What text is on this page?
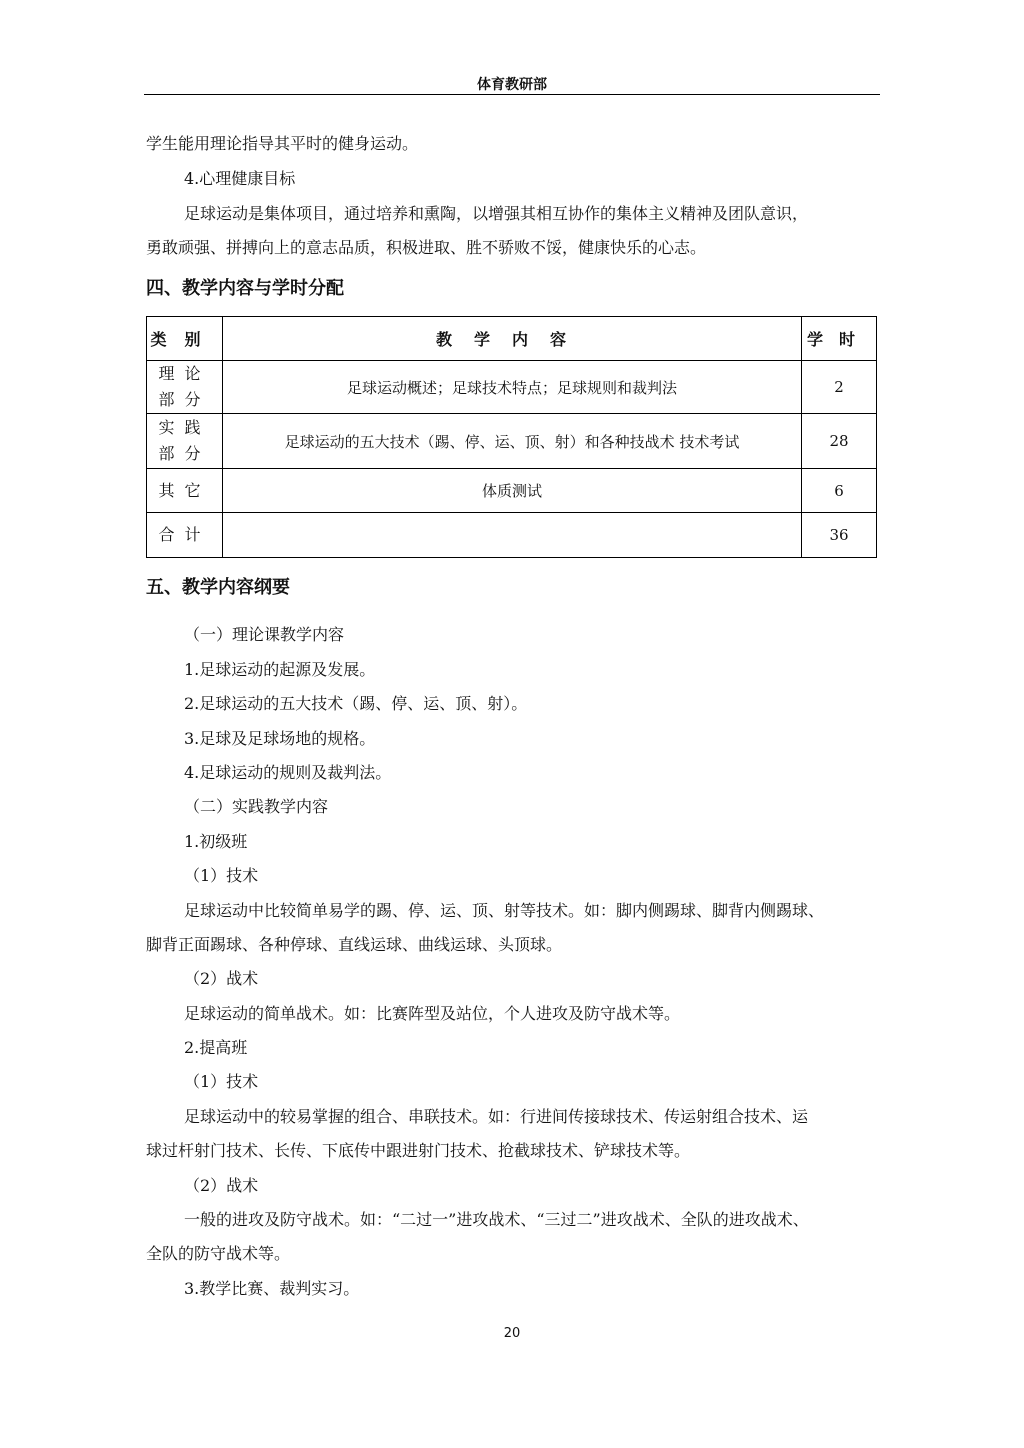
体育教研部
学生能用理论指导其平时的健身运动。
4.心理健康目标
足球运动是集体项目，通过培养和熏陶，以增强其相互协作的集体主义精神及团队意识，
勇敢顽强、拼搏向上的意志品质，积极进取、胜不骄败不馁，健康快乐的心志。
四、教学内容与学时分配
类别	教学内容	学时

理论
部分	足球运动概述；足球技术特点；足球规则和裁判法	2

实践
部分	足球运动的五大技术（踢、停、运、顶、射）和各种技战术 技术考试	28

其它	体质测试	6

合计		36
五、教学内容纲要
（一）理论课教学内容
1.足球运动的起源及发展。
2.足球运动的五大技术（踢、停、运、顶、射）。
3.足球及足球场地的规格。
4.足球运动的规则及裁判法。
（二）实践教学内容
1.初级班
（1）技术
足球运动中比较简单易学的踢、停、运、顶、射等技术。如：脚内侧踢球、脚背内侧踢球、
脚背正面踢球、各种停球、直线运球、曲线运球、头顶球。
（2）战术
足球运动的简单战术。如：比赛阵型及站位，个人进攻及防守战术等。
2.提高班
（1）技术
足球运动中的较易掌握的组合、串联技术。如：行进间传接球技术、传运射组合技术、运
球过杆射门技术、长传、下底传中跟进射门技术、抢截球技术、铲球技术等。
（2）战术
一般的进攻及防守战术。如：“二过一”进攻战术、“三过二”进攻战术、全队的进攻战术、
全队的防守战术等。
3.教学比赛、裁判实习。
20
